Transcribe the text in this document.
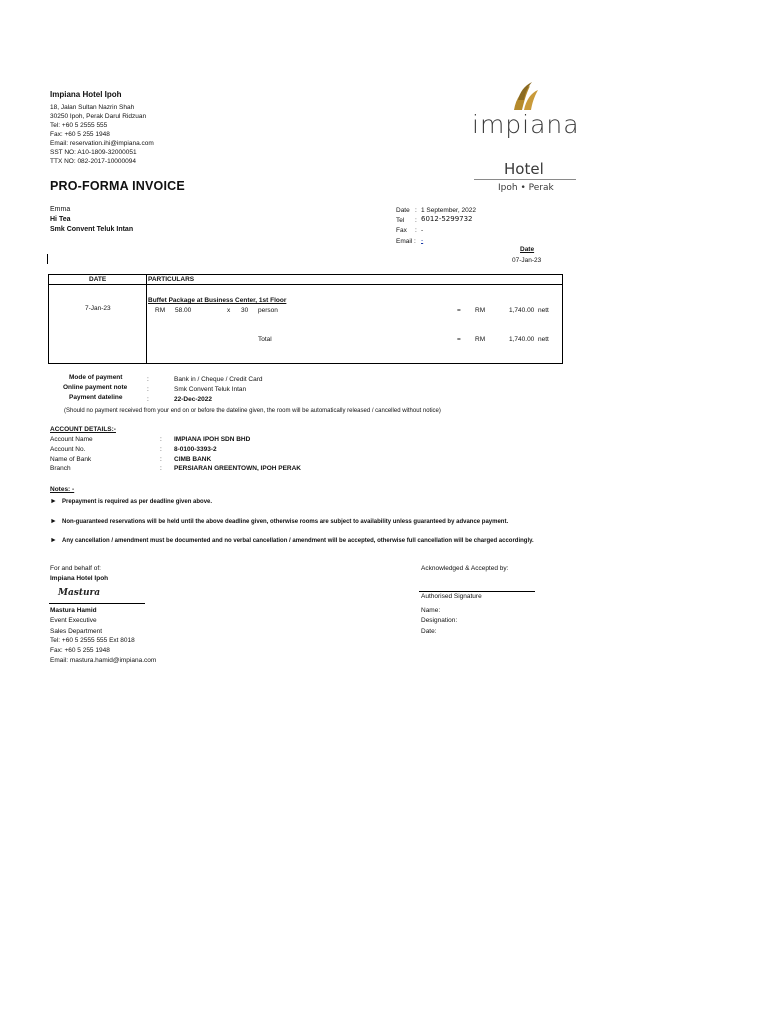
Impiana Hotel Ipoh
18, Jalan Sultan Nazrin Shah
30250 Ipoh, Perak Darul Ridzuan
Tel: +60 5 2555 555
Fax: +60 5 255 1948
Email: reservation.ihi@impiana.com
SST NO: A10-1809-32000051
TTX NO: 082-2017-10000094
impiana
Hotel
Ipoh • Perak
PRO-FORMA INVOICE
Emma
Hi Tea
Smk Convent Teluk Intan
Date : 1 September, 2022
Tel : 6012-5299732
Fax : -
Email : -
Date
07-Jan-23
DATE	PARTICULARS
7-Jan-23
Buffet Package at Business Center, 1st Floor
RM 58.00	x 30 person	= RM	1,740.00 nett
Total	= RM	1,740.00 nett
Mode of payment	:	Bank in / Cheque / Credit Card
Online payment note	:	Smk Convent Teluk Intan
Payment dateline	:	22-Dec-2022
(Should no payment received from your end on or before the dateline given, the room will be automatically released / cancelled without notice)
ACCOUNT DETAILS:-
Account Name	: IMPIANA IPOH SDN BHD
Account No.	: 8-0100-3393-2
Name of Bank	: CIMB BANK
Branch	: PERSIARAN GREENTOWN, IPOH PERAK
Notes: -
► Prepayment is required as per deadline given above.
► Non-guaranteed reservations will be held until the above deadline given, otherwise rooms are subject to availability unless guaranteed by advance payment.
► Any cancellation / amendment must be documented and no verbal cancellation / amendment will be accepted, otherwise full cancellation will be charged accordingly.
For and behalf of:
Impiana Hotel Ipoh
Mastura
Mastura Hamid
Event Executive
Sales Department
Tel: +60 5 2555 555 Ext 8018
Fax: +60 5 255 1948
Email: mastura.hamid@impiana.com
Acknowledged & Accepted by:
Authorised Signature
Name:
Designation:
Date:
